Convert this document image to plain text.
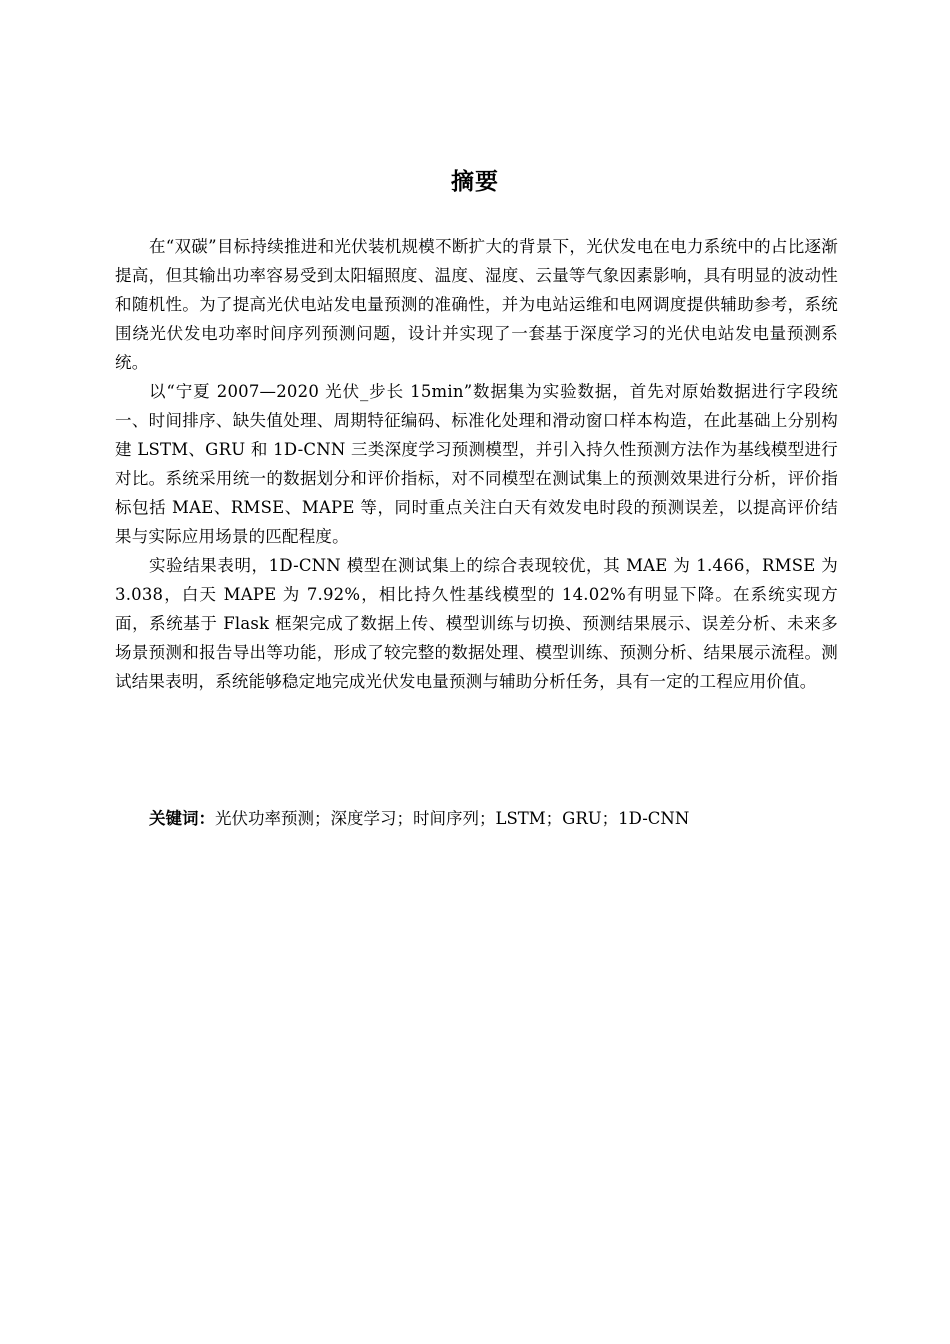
摘要

在“双碳”目标持续推进和光伏装机规模不断扩大的背景下，光伏发电在电力系统中的占比逐渐提高，但其输出功率容易受到太阳辐照度、温度、湿度、云量等气象因素影响，具有明显的波动性和随机性。为了提高光伏电站发电量预测的准确性，并为电站运维和电网调度提供辅助参考，系统围绕光伏发电功率时间序列预测问题，设计并实现了一套基于深度学习的光伏电站发电量预测系统。

以“宁夏 2007—2020 光伏_步长 15min”数据集为实验数据，首先对原始数据进行字段统一、时间排序、缺失值处理、周期特征编码、标准化处理和滑动窗口样本构造，在此基础上分别构建 LSTM、GRU 和 1D-CNN 三类深度学习预测模型，并引入持久性预测方法作为基线模型进行对比。系统采用统一的数据划分和评价指标，对不同模型在测试集上的预测效果进行分析，评价指标包括 MAE、RMSE、MAPE 等，同时重点关注白天有效发电时段的预测误差，以提高评价结果与实际应用场景的匹配程度。

实验结果表明，1D-CNN 模型在测试集上的综合表现较优，其 MAE 为 1.466，RMSE 为 3.038，白天 MAPE 为 7.92%，相比持久性基线模型的 14.02%有明显下降。在系统实现方面，系统基于 Flask 框架完成了数据上传、模型训练与切换、预测结果展示、误差分析、未来多场景预测和报告导出等功能，形成了较完整的数据处理、模型训练、预测分析、结果展示流程。测试结果表明，系统能够稳定地完成光伏发电量预测与辅助分析任务，具有一定的工程应用价值。

关键词：光伏功率预测；深度学习；时间序列；LSTM；GRU；1D-CNN
